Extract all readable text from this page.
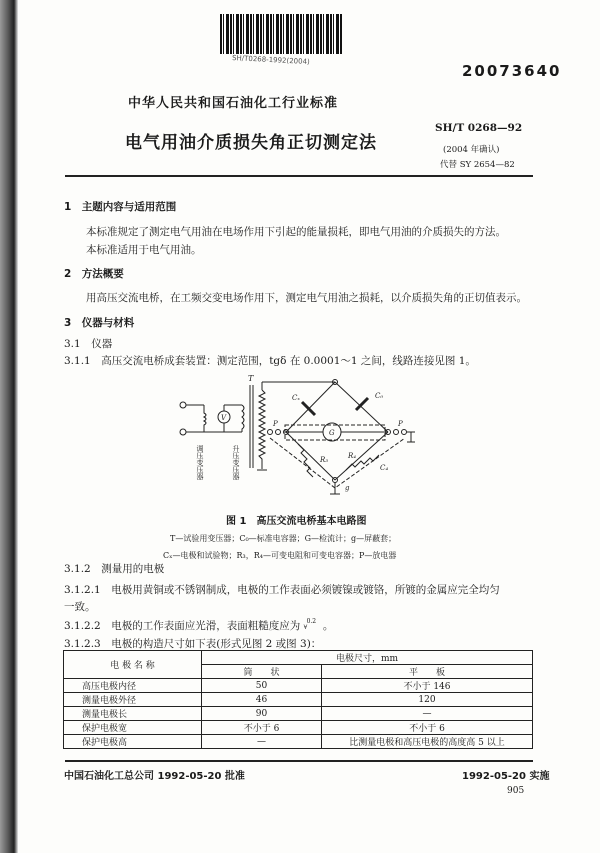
SH/T0268-1992(2004)
20073640
中华人民共和国石油化工行业标准
SH/T 0268—92
电气用油介质损失角正切测定法	(2004 年确认)
代替 SY 2654—82
1　主题内容与适用范围
本标准规定了测定电气用油在电场作用下引起的能量损耗，即电气用油的介质损失的方法。
本标准适用于电气用油。
2　方法概要
用高压交流电桥，在工频交变电场作用下，测定电气用油之损耗，以介质损失角的正切值表示。
3　仪器与材料
3.1　仪器
3.1.1　高压交流电桥成套装置：测定范围，tgδ 在 0.0001～1 之间，线路连接见图 1。
V
调压变压器	升压变压器
T
Cₓ	C₀
G
P	P
R₃	R₄
C₄
g
图 1　高压交流电桥基本电路图
T—试验用变压器；C₀—标准电容器；G—检流计；g—屏蔽套；
Cₓ—电极和试验物；R₃，R₄—可变电阻和可变电容器；P—放电器
3.1.2　测量用的电极
3.1.2.1　电极用黄铜或不锈钢制成，电极的工作表面必须镀镍或镀铬，所镀的金属应完全均匀
一致。
3.1.2.2　电极的工作表面应光滑，表面粗糙度应为 0.2
∀ 。
3.1.2.3　电极的构造尺寸如下表(形式见图 2 或图 3)：
电 极 名 称	电极尺寸，mm	
	筒　　状	平　　板
高压电极内径	50	不小于 146
测量电极外径	46	120
测量电极长	90	—
保护电极宽	不小于 6	不小于 6
保护电极高	—	比测量电极和高压电极的高度高 5 以上
中国石油化工总公司 1992-05-20 批准	1992-05-20 实施
905
